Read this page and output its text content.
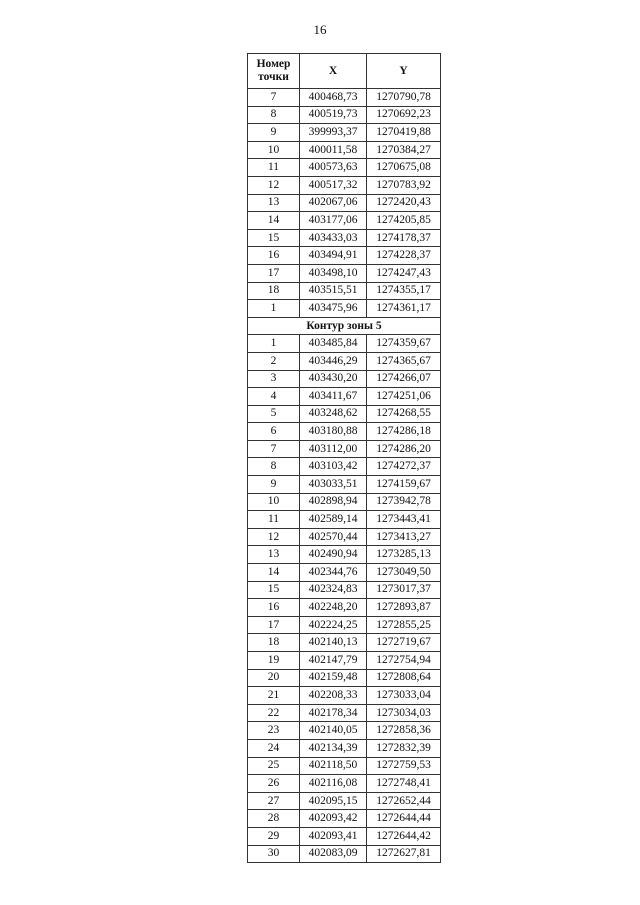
16
Номер
точки	X	Y
7	400468,73	1270790,78
8	400519,73	1270692,23
9	399993,37	1270419,88
10	400011,58	1270384,27
11	400573,63	1270675,08
12	400517,32	1270783,92
13	402067,06	1272420,43
14	403177,06	1274205,85
15	403433,03	1274178,37
16	403494,91	1274228,37
17	403498,10	1274247,43
18	403515,51	1274355,17
1	403475,96	1274361,17
Контур зоны 5		
1	403485,84	1274359,67
2	403446,29	1274365,67
3	403430,20	1274266,07
4	403411,67	1274251,06
5	403248,62	1274268,55
6	403180,88	1274286,18
7	403112,00	1274286,20
8	403103,42	1274272,37
9	403033,51	1274159,67
10	402898,94	1273942,78
11	402589,14	1273443,41
12	402570,44	1273413,27
13	402490,94	1273285,13
14	402344,76	1273049,50
15	402324,83	1273017,37
16	402248,20	1272893,87
17	402224,25	1272855,25
18	402140,13	1272719,67
19	402147,79	1272754,94
20	402159,48	1272808,64
21	402208,33	1273033,04
22	402178,34	1273034,03
23	402140,05	1272858,36
24	402134,39	1272832,39
25	402118,50	1272759,53
26	402116,08	1272748,41
27	402095,15	1272652,44
28	402093,42	1272644,44
29	402093,41	1272644,42
30	402083,09	1272627,81
